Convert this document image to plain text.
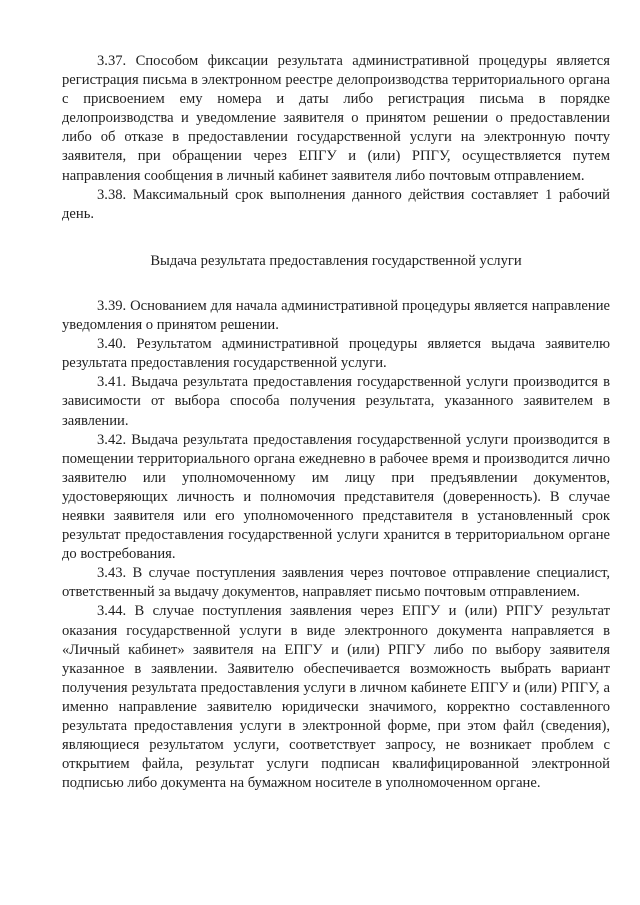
3.37. Способом фиксации результата административной процедуры является регистрация письма в электронном реестре делопроизводства территориального органа с присвоением ему номера и даты либо регистрация письма в порядке делопроизводства и уведомление заявителя о принятом решении о предоставлении либо об отказе в предоставлении государственной услуги на электронную почту заявителя, при обращении через ЕПГУ и (или) РПГУ, осуществляется путем направления сообщения в личный кабинет заявителя либо почтовым отправлением.

3.38. Максимальный срок выполнения данного действия составляет 1 рабочий день.

Выдача результата предоставления государственной услуги

3.39. Основанием для начала административной процедуры является направление уведомления о принятом решении.

3.40. Результатом административной процедуры является выдача заявителю результата предоставления государственной услуги.

3.41. Выдача результата предоставления государственной услуги производится в зависимости от выбора способа получения результата, указанного заявителем в заявлении.

3.42. Выдача результата предоставления государственной услуги производится в помещении территориального органа ежедневно в рабочее время и производится лично заявителю или уполномоченному им лицу при предъявлении документов, удостоверяющих личность и полномочия представителя (доверенность). В случае неявки заявителя или его уполномоченного представителя в установленный срок результат предоставления государственной услуги хранится в территориальном органе до востребования.

3.43. В случае поступления заявления через почтовое отправление специалист, ответственный за выдачу документов, направляет письмо почтовым отправлением.

3.44. В случае поступления заявления через ЕПГУ и (или) РПГУ результат оказания государственной услуги в виде электронного документа направляется в «Личный кабинет» заявителя на ЕПГУ и (или) РПГУ либо по выбору заявителя указанное в заявлении. Заявителю обеспечивается возможность выбрать вариант получения результата предоставления услуги в личном кабинете ЕПГУ и (или) РПГУ, а именно направление заявителю юридически значимого, корректно составленного результата предоставления услуги в электронной форме, при этом файл (сведения), являющиеся результатом услуги, соответствует запросу, не возникает проблем с открытием файла, результат услуги подписан квалифицированной электронной подписью либо документа на бумажном носителе в уполномоченном органе.
